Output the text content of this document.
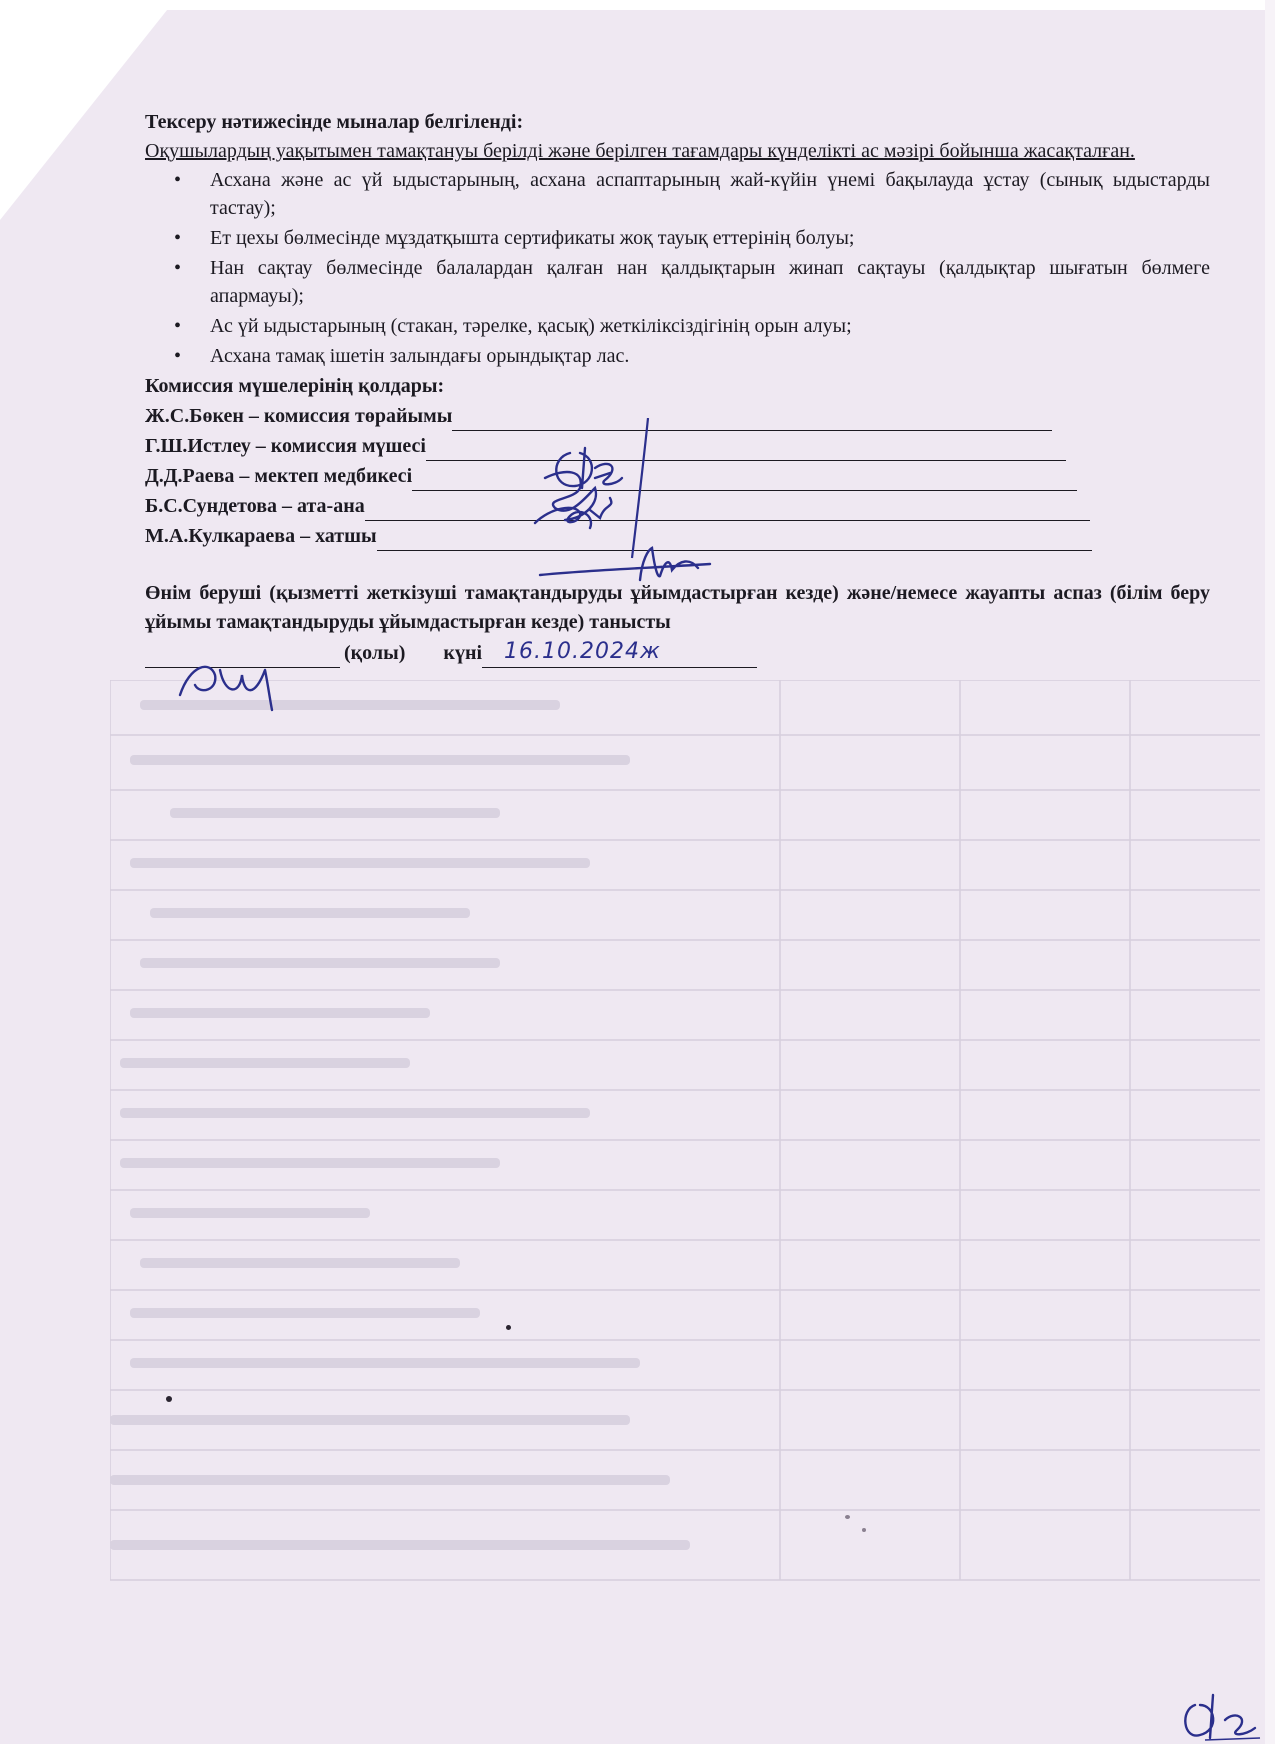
Тексеру нәтижесінде мыналар белгіленді:
Оқушылардың уақытымен тамақтануы берілді және берілген тағамдары күнделікті ас мәзірі бойынша жасақталған.
• Асхана және ас үй ыдыстарының, асхана аспаптарының жай-күйін үнемі бақылауда ұстау (сынық ыдыстарды тастау);
• Ет цехы бөлмесінде мұздатқышта сертификаты жоқ тауық еттерінің болуы;
• Нан сақтау бөлмесінде балалардан қалған нан қалдықтарын жинап сақтауы (қалдықтар шығатын бөлмеге апармауы);
• Ас үй ыдыстарының (стакан, тәрелке, қасық) жеткіліксіздігінің орын алуы;
• Асхана тамақ ішетін залындағы орындықтар лас.
Комиссия мүшелерінің қолдары:
Ж.С.Бөкен – комиссия төрайымы
Г.Ш.Истлеу – комиссия мүшесі
Д.Д.Раева – мектеп медбикесі
Б.С.Сундетова – ата-ана
М.А.Кулкараева – хатшы
Өнім беруші (қызметті жеткізуші тамақтандыруды ұйымдастырған кезде) және/немесе жауапты аспаз (білім беру ұйымы тамақтандыруды ұйымдастырған кезде) танысты
(қолы) күні 16.10.2024ж
